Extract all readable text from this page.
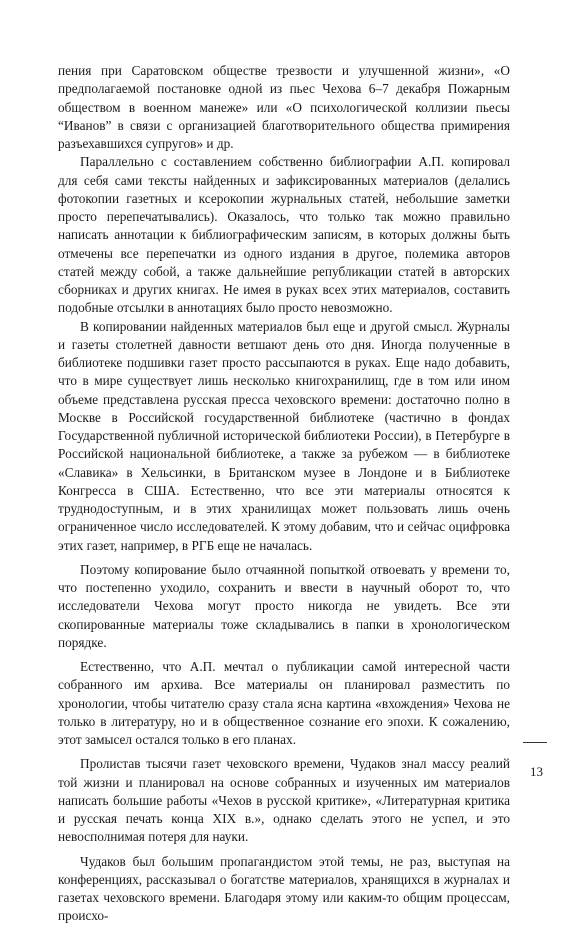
пения при Саратовском обществе трезвости и улучшенной жизни», «О предполагаемой постановке одной из пьес Чехова 6–7 декабря Пожарным обществом в военном манеже» или «О психологической коллизии пьесы “Иванов” в связи с организацией благотворительного общества примирения разъехавшихся супругов» и др.

Параллельно с составлением собственно библиографии А.П. копировал для себя сами тексты найденных и зафиксированных материалов (делались фотокопии газетных и ксерокопии журнальных статей, небольшие заметки просто перепечатывались). Оказалось, что только так можно правильно написать аннотации к библиографическим записям, в которых должны быть отмечены все перепечатки из одного издания в другое, полемика авторов статей между собой, а также дальнейшие републикации статей в авторских сборниках и других книгах. Не имея в руках всех этих материалов, составить подобные отсылки в аннотациях было просто невозможно.

В копировании найденных материалов был еще и другой смысл. Журналы и газеты столетней давности ветшают день ото дня. Иногда полученные в библиотеке подшивки газет просто рассыпаются в руках. Еще надо добавить, что в мире существует лишь несколько книгохранилищ, где в том или ином объеме представлена русская пресса чеховского времени: достаточно полно в Москве в Российской государственной библиотеке (частично в фондах Государственной публичной исторической библиотеки России), в Петербурге в Российской национальной библиотеке, а также за рубежом — в библиотеке «Славика» в Хельсинки, в Британском музее в Лондоне и в Библиотеке Конгресса в США. Естественно, что все эти материалы относятся к труднодоступным, и в этих хранилищах может пользовать лишь очень ограниченное число исследователей. К этому добавим, что и сейчас оцифровка этих газет, например, в РГБ еще не началась.

Поэтому копирование было отчаянной попыткой отвоевать у времени то, что постепенно уходило, сохранить и ввести в научный оборот то, что исследователи Чехова могут просто никогда не увидеть. Все эти скопированные материалы тоже складывались в папки в хронологическом порядке.

Естественно, что А.П. мечтал о публикации самой интересной части собранного им архива. Все материалы он планировал разместить по хронологии, чтобы читателю сразу стала ясна картина «вхождения» Чехова не только в литературу, но и в общественное сознание его эпохи. К сожалению, этот замысел остался только в его планах.

Пролистав тысячи газет чеховского времени, Чудаков знал массу реалий той жизни и планировал на основе собранных и изученных им материалов написать большие работы «Чехов в русской критике», «Литературная критика и русская печать конца XIX в.», однако сделать этого не успел, и это невосполнимая потеря для науки.

Чудаков был большим пропагандистом этой темы, не раз, выступая на конференциях, рассказывал о богатстве материалов, хранящихся в журналах и газетах чеховского времени. Благодаря этому или каким-то общим процессам, происхо-

13
